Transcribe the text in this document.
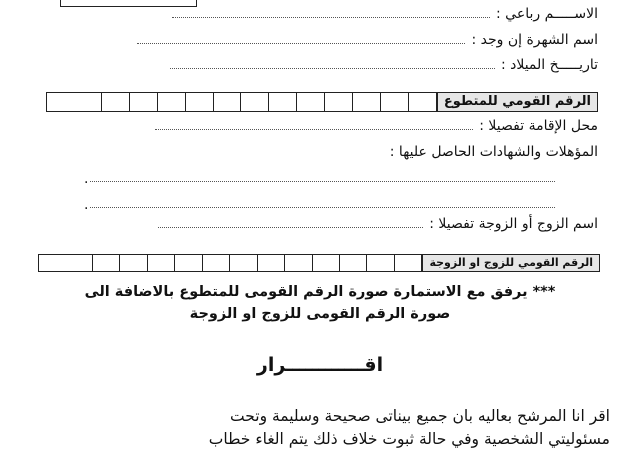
الاســـــم رباعي :
اسم الشهرة إن وجد :
تاريـــــخ الميلاد :
الرقم القومي للمتطوع
محل الإقامة تفصيلا :
المؤهلات والشهادات الحاصل عليها :
.
.
اسم الزوج أو الزوجة تفصيلا :
الرقم القومي للزوج او الزوجة
*** يرفق مع الاستمارة صورة الرقم القومى للمتطوع بالاضافة الى
صورة الرقم القومى للزوج او الزوجة
اقــــــــــــرار
اقر انا المرشح بعاليه بان جميع بيناتى صحيحة وسليمة وتحت
مسئوليتي الشخصية وفي حالة ثبوت خلاف ذلك يتم الغاء خطاب
